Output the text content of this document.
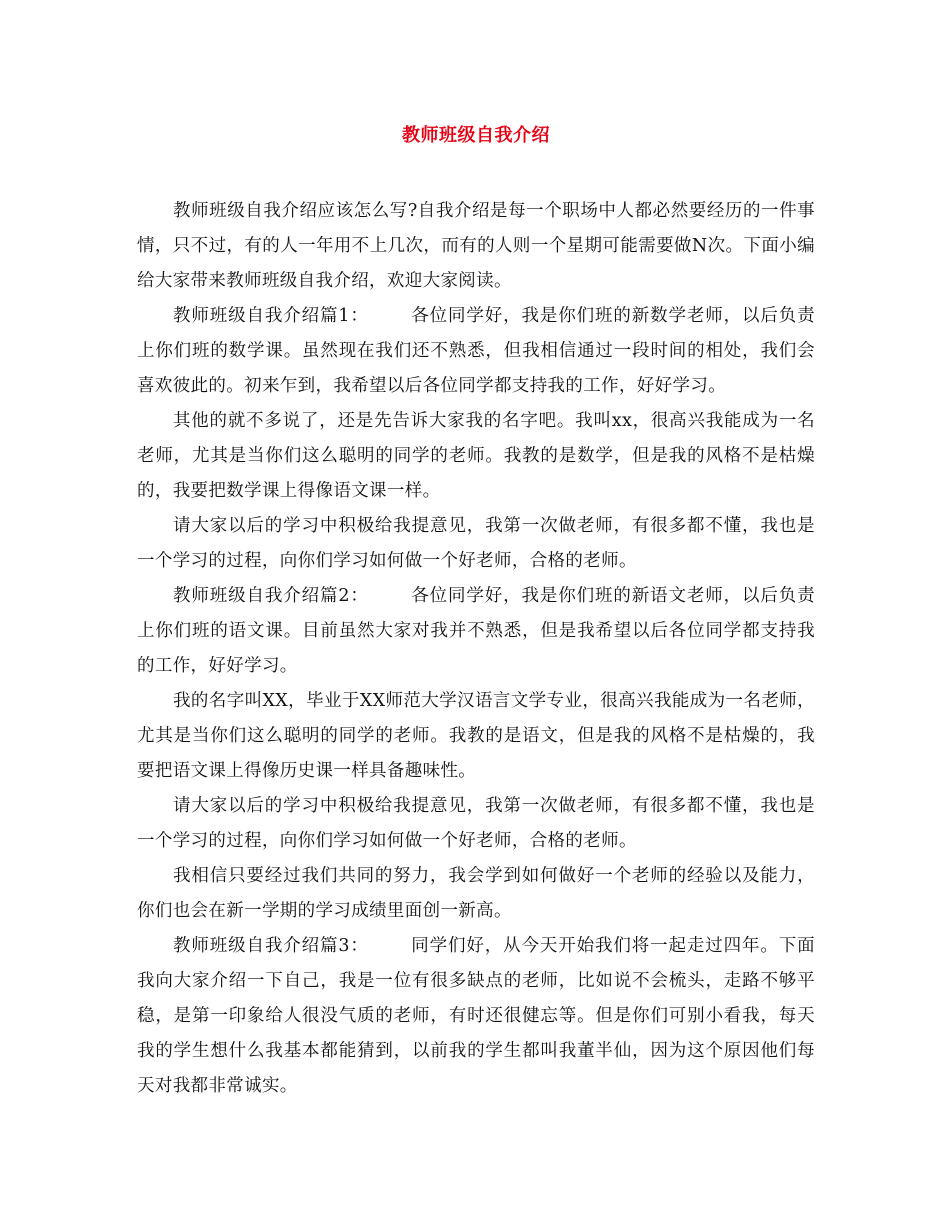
教师班级自我介绍

教师班级自我介绍应该怎么写?自我介绍是每一个职场中人都必然要经历的一件事情，只不过，有的人一年用不上几次，而有的人则一个星期可能需要做N次。下面小编给大家带来教师班级自我介绍，欢迎大家阅读。

教师班级自我介绍篇1： 各位同学好，我是你们班的新数学老师，以后负责上你们班的数学课。虽然现在我们还不熟悉，但我相信通过一段时间的相处，我们会喜欢彼此的。初来乍到，我希望以后各位同学都支持我的工作，好好学习。

其他的就不多说了，还是先告诉大家我的名字吧。我叫xx，很高兴我能成为一名老师，尤其是当你们这么聪明的同学的老师。我教的是数学，但是我的风格不是枯燥的，我要把数学课上得像语文课一样。

请大家以后的学习中积极给我提意见，我第一次做老师，有很多都不懂，我也是一个学习的过程，向你们学习如何做一个好老师，合格的老师。

教师班级自我介绍篇2： 各位同学好，我是你们班的新语文老师，以后负责上你们班的语文课。目前虽然大家对我并不熟悉，但是我希望以后各位同学都支持我的工作，好好学习。

我的名字叫XX，毕业于XX师范大学汉语言文学专业，很高兴我能成为一名老师，尤其是当你们这么聪明的同学的老师。我教的是语文，但是我的风格不是枯燥的，我要把语文课上得像历史课一样具备趣味性。

请大家以后的学习中积极给我提意见，我第一次做老师，有很多都不懂，我也是一个学习的过程，向你们学习如何做一个好老师，合格的老师。

我相信只要经过我们共同的努力，我会学到如何做好一个老师的经验以及能力，你们也会在新一学期的学习成绩里面创一新高。

教师班级自我介绍篇3： 同学们好，从今天开始我们将一起走过四年。下面我向大家介绍一下自己，我是一位有很多缺点的老师，比如说不会梳头，走路不够平稳，是第一印象给人很没气质的老师，有时还很健忘等。但是你们可别小看我，每天我的学生想什么我基本都能猜到，以前我的学生都叫我董半仙，因为这个原因他们每天对我都非常诚实。
